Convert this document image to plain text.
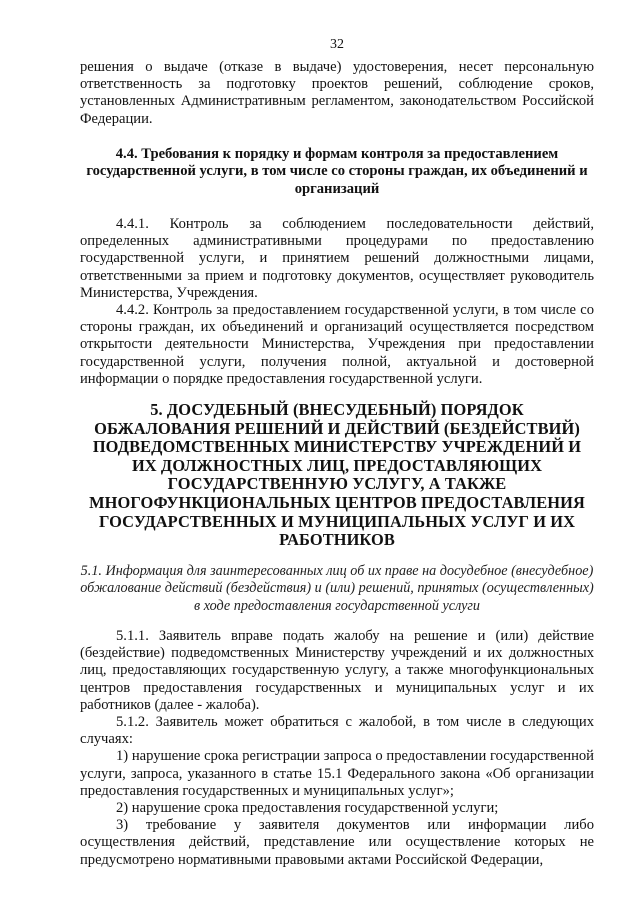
32

решения о выдаче (отказе в выдаче) удостоверения, несет персональную ответственность за подготовку проектов решений, соблюдение сроков, установленных Административным регламентом, законодательством Российской Федерации.

4.4. Требования к порядку и формам контроля за предоставлением государственной услуги, в том числе со стороны граждан, их объединений и организаций

4.4.1. Контроль за соблюдением последовательности действий, определенных административными процедурами по предоставлению государственной услуги, и принятием решений должностными лицами, ответственными за прием и подготовку документов, осуществляет руководитель Министерства, Учреждения.

4.4.2. Контроль за предоставлением государственной услуги, в том числе со стороны граждан, их объединений и организаций осуществляется посредством открытости деятельности Министерства, Учреждения при предоставлении государственной услуги, получения полной, актуальной и достоверной информации о порядке предоставления государственной услуги.

5. ДОСУДЕБНЫЙ (ВНЕСУДЕБНЫЙ) ПОРЯДОК ОБЖАЛОВАНИЯ РЕШЕНИЙ И ДЕЙСТВИЙ (БЕЗДЕЙСТВИЙ) ПОДВЕДОМСТВЕННЫХ МИНИСТЕРСТВУ УЧРЕЖДЕНИЙ И ИХ ДОЛЖНОСТНЫХ ЛИЦ, ПРЕДОСТАВЛЯЮЩИХ ГОСУДАРСТВЕННУЮ УСЛУГУ, А ТАКЖЕ МНОГОФУНКЦИОНАЛЬНЫХ ЦЕНТРОВ ПРЕДОСТАВЛЕНИЯ ГОСУДАРСТВЕННЫХ И МУНИЦИПАЛЬНЫХ УСЛУГ И ИХ РАБОТНИКОВ

5.1. Информация для заинтересованных лиц об их праве на досудебное (внесудебное) обжалование действий (бездействия) и (или) решений, принятых (осуществленных) в ходе предоставления государственной услуги

5.1.1. Заявитель вправе подать жалобу на решение и (или) действие (бездействие) подведомственных Министерству учреждений и их должностных лиц, предоставляющих государственную услугу, а также многофункциональных центров предоставления государственных и муниципальных услуг и их работников (далее - жалоба).

5.1.2. Заявитель может обратиться с жалобой, в том числе в следующих случаях:

1) нарушение срока регистрации запроса о предоставлении государственной услуги, запроса, указанного в статье 15.1 Федерального закона «Об организации предоставления государственных и муниципальных услуг»;

2) нарушение срока предоставления государственной услуги;

3) требование у заявителя документов или информации либо осуществления действий, представление или осуществление которых не предусмотрено нормативными правовыми актами Российской Федерации,
